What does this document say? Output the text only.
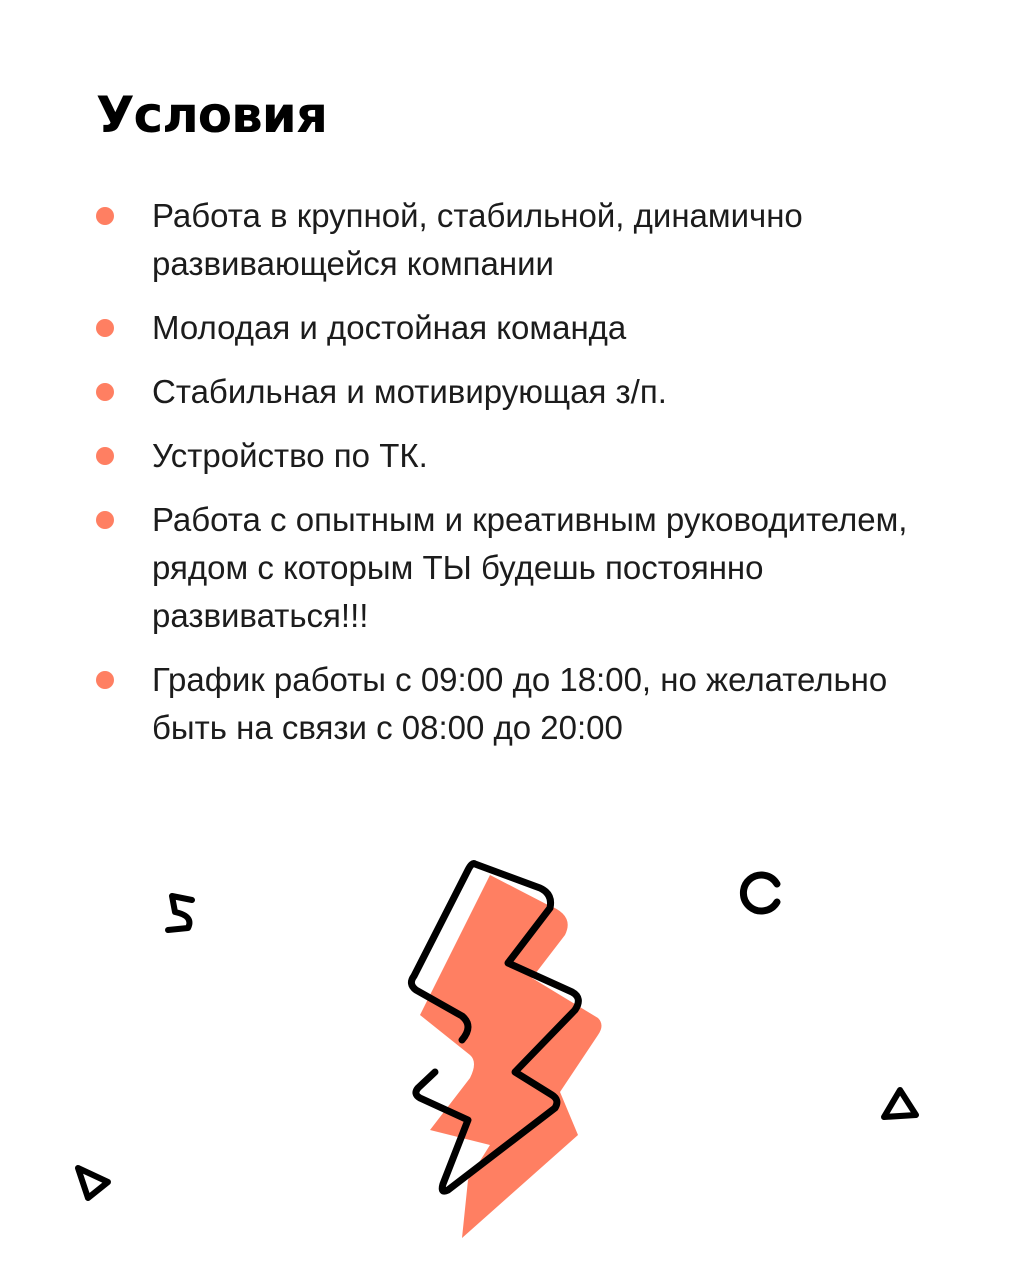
Условия
Работа в крупной, стабильной, динамично развивающейся компании
Молодая и достойная команда
Стабильная и мотивирующая з/п.
Устройство по ТК.
Работа с опытным и креативным руководителем, рядом с которым ТЫ будешь постоянно развиваться!!!
График работы с 09:00 до 18:00, но желательно быть на связи с 08:00 до 20:00
